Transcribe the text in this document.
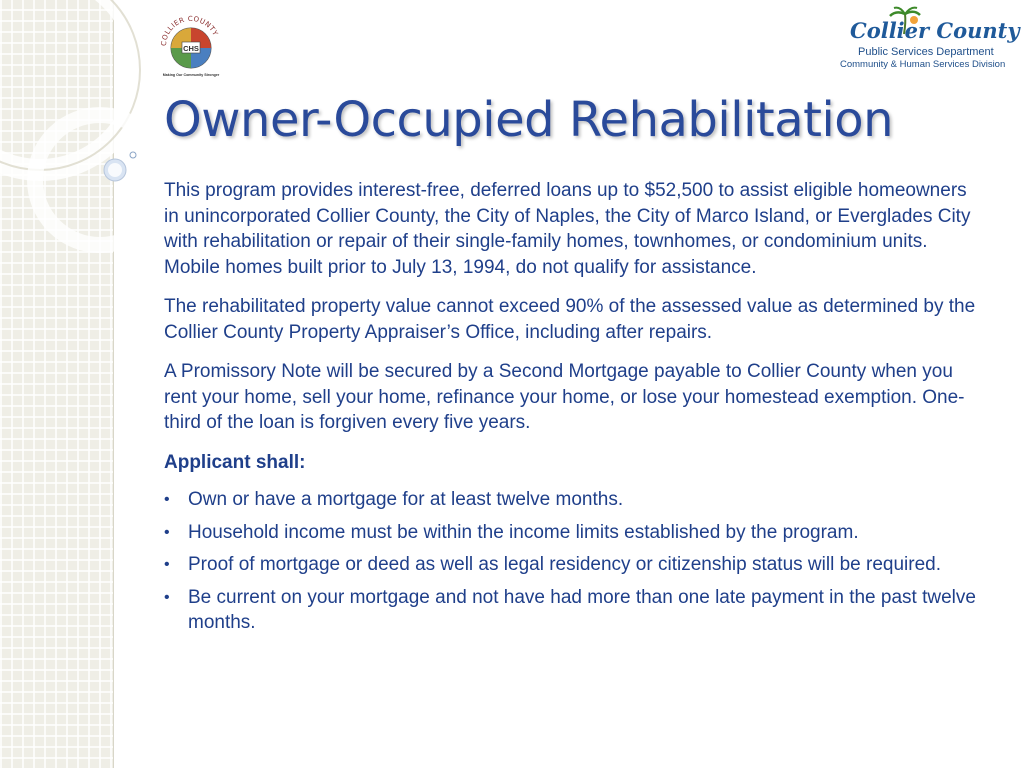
COLLIER COUNTY
CHS
Making Our Community Stronger
Collier County
Public Services Department
Community & Human Services Division
Owner-Occupied Rehabilitation

This program provides interest-free, deferred loans up to $52,500 to assist eligible homeowners in unincorporated Collier County, the City of Naples, the City of Marco Island, or Everglades City with rehabilitation or repair of their single-family homes, townhomes, or condominium units. Mobile homes built prior to July 13, 1994, do not qualify for assistance.

The rehabilitated property value cannot exceed 90% of the assessed value as determined by the Collier County Property Appraiser’s Office, including after repairs.

A Promissory Note will be secured by a Second Mortgage payable to Collier County when you rent your home, sell your home, refinance your home, or lose your homestead exemption. One-third of the loan is forgiven every five years.

Applicant shall:
• Own or have a mortgage for at least twelve months.
• Household income must be within the income limits established by the program.
• Proof of mortgage or deed as well as legal residency or citizenship status will be required.
• Be current on your mortgage and not have had more than one late payment in the past twelve months.
